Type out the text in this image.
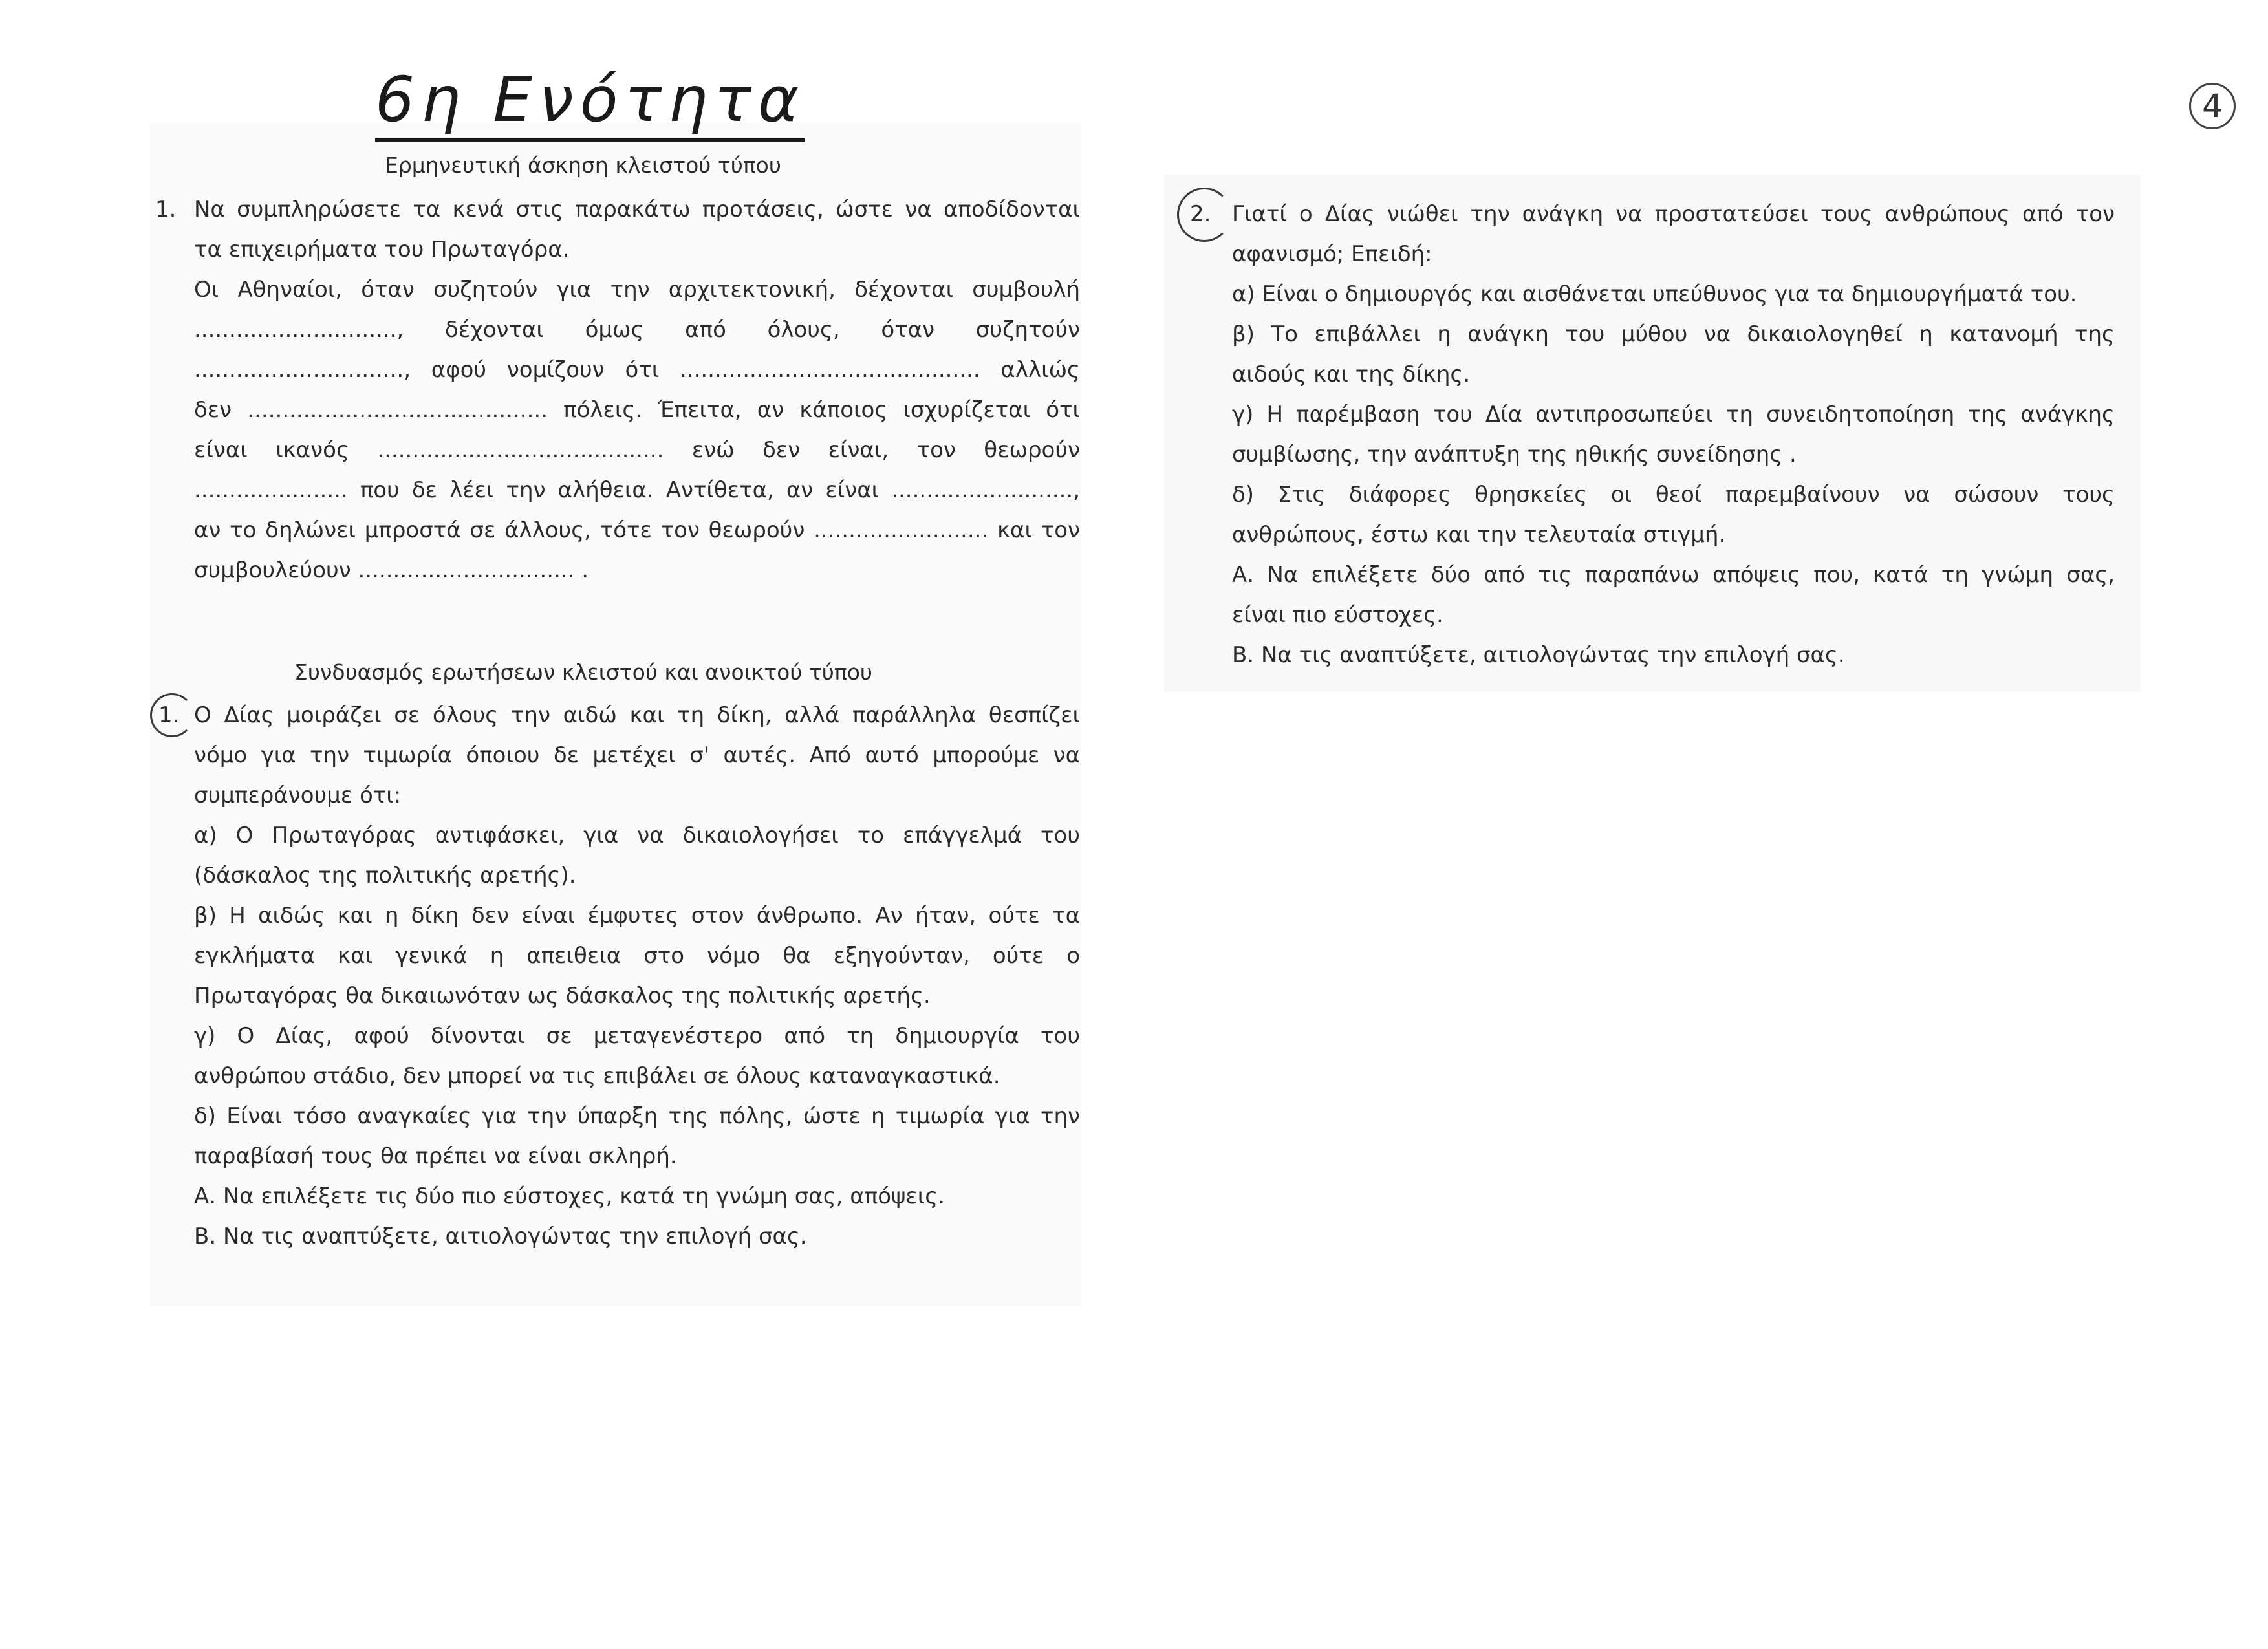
6η Ενότητα	4
Ερμηνευτική άσκηση κλειστού τύπου
1. Να συμπληρώσετε τα κενά στις παρακάτω προτάσεις, ώστε να αποδίδονται
τα επιχειρήματα του Πρωταγόρα.
Οι Αθηναίοι, όταν συζητούν για την αρχιτεκτονική, δέχονται συμβουλή
............................., δέχονται όμως από όλους, όταν συζητούν
.............................., αφού νομίζουν ότι ........................................... αλλιώς
δεν ........................................... πόλεις. Έπειτα, αν κάποιος ισχυρίζεται ότι
είναι ικανός ......................................... ενώ δεν είναι, τον θεωρούν
...................... που δε λέει την αλήθεια. Αντίθετα, αν είναι ..........................,
αν το δηλώνει μπροστά σε άλλους, τότε τον θεωρούν ......................... και τον
συμβουλεύουν ............................... .
Συνδυασμός ερωτήσεων κλειστού και ανοικτού τύπου
1. Ο Δίας μοιράζει σε όλους την αιδώ και τη δίκη, αλλά παράλληλα θεσπίζει
νόμο για την τιμωρία όποιου δε μετέχει σ' αυτές. Από αυτό μπορούμε να
συμπεράνουμε ότι:
α) Ο Πρωταγόρας αντιφάσκει, για να δικαιολογήσει το επάγγελμά του
(δάσκαλος της πολιτικής αρετής).
β) Η αιδώς και η δίκη δεν είναι έμφυτες στον άνθρωπο. Αν ήταν, ούτε τα
εγκλήματα και γενικά η απειθεια στο νόμο θα εξηγούνταν, ούτε ο
Πρωταγόρας θα δικαιωνόταν ως δάσκαλος της πολιτικής αρετής.
γ) Ο Δίας, αφού δίνονται σε μεταγενέστερο από τη δημιουργία του
ανθρώπου στάδιο, δεν μπορεί να τις επιβάλει σε όλους καταναγκαστικά.
δ) Είναι τόσο αναγκαίες για την ύπαρξη της πόλης, ώστε η τιμωρία για την
παραβίασή τους θα πρέπει να είναι σκληρή.
Α. Να επιλέξετε τις δύο πιο εύστοχες, κατά τη γνώμη σας, απόψεις.
Β. Να τις αναπτύξετε, αιτιολογώντας την επιλογή σας.
2. Γιατί ο Δίας νιώθει την ανάγκη να προστατεύσει τους ανθρώπους από τον
αφανισμό; Επειδή:
α) Είναι ο δημιουργός και αισθάνεται υπεύθυνος για τα δημιουργήματά του.
β) Το επιβάλλει η ανάγκη του μύθου να δικαιολογηθεί η κατανομή της
αιδούς και της δίκης.
γ) Η παρέμβαση του Δία αντιπροσωπεύει τη συνειδητοποίηση της ανάγκης
συμβίωσης, την ανάπτυξη της ηθικής συνείδησης .
δ) Στις διάφορες θρησκείες οι θεοί παρεμβαίνουν να σώσουν τους
ανθρώπους, έστω και την τελευταία στιγμή.
Α. Να επιλέξετε δύο από τις παραπάνω απόψεις που, κατά τη γνώμη σας,
είναι πιο εύστοχες.
Β. Να τις αναπτύξετε, αιτιολογώντας την επιλογή σας.
